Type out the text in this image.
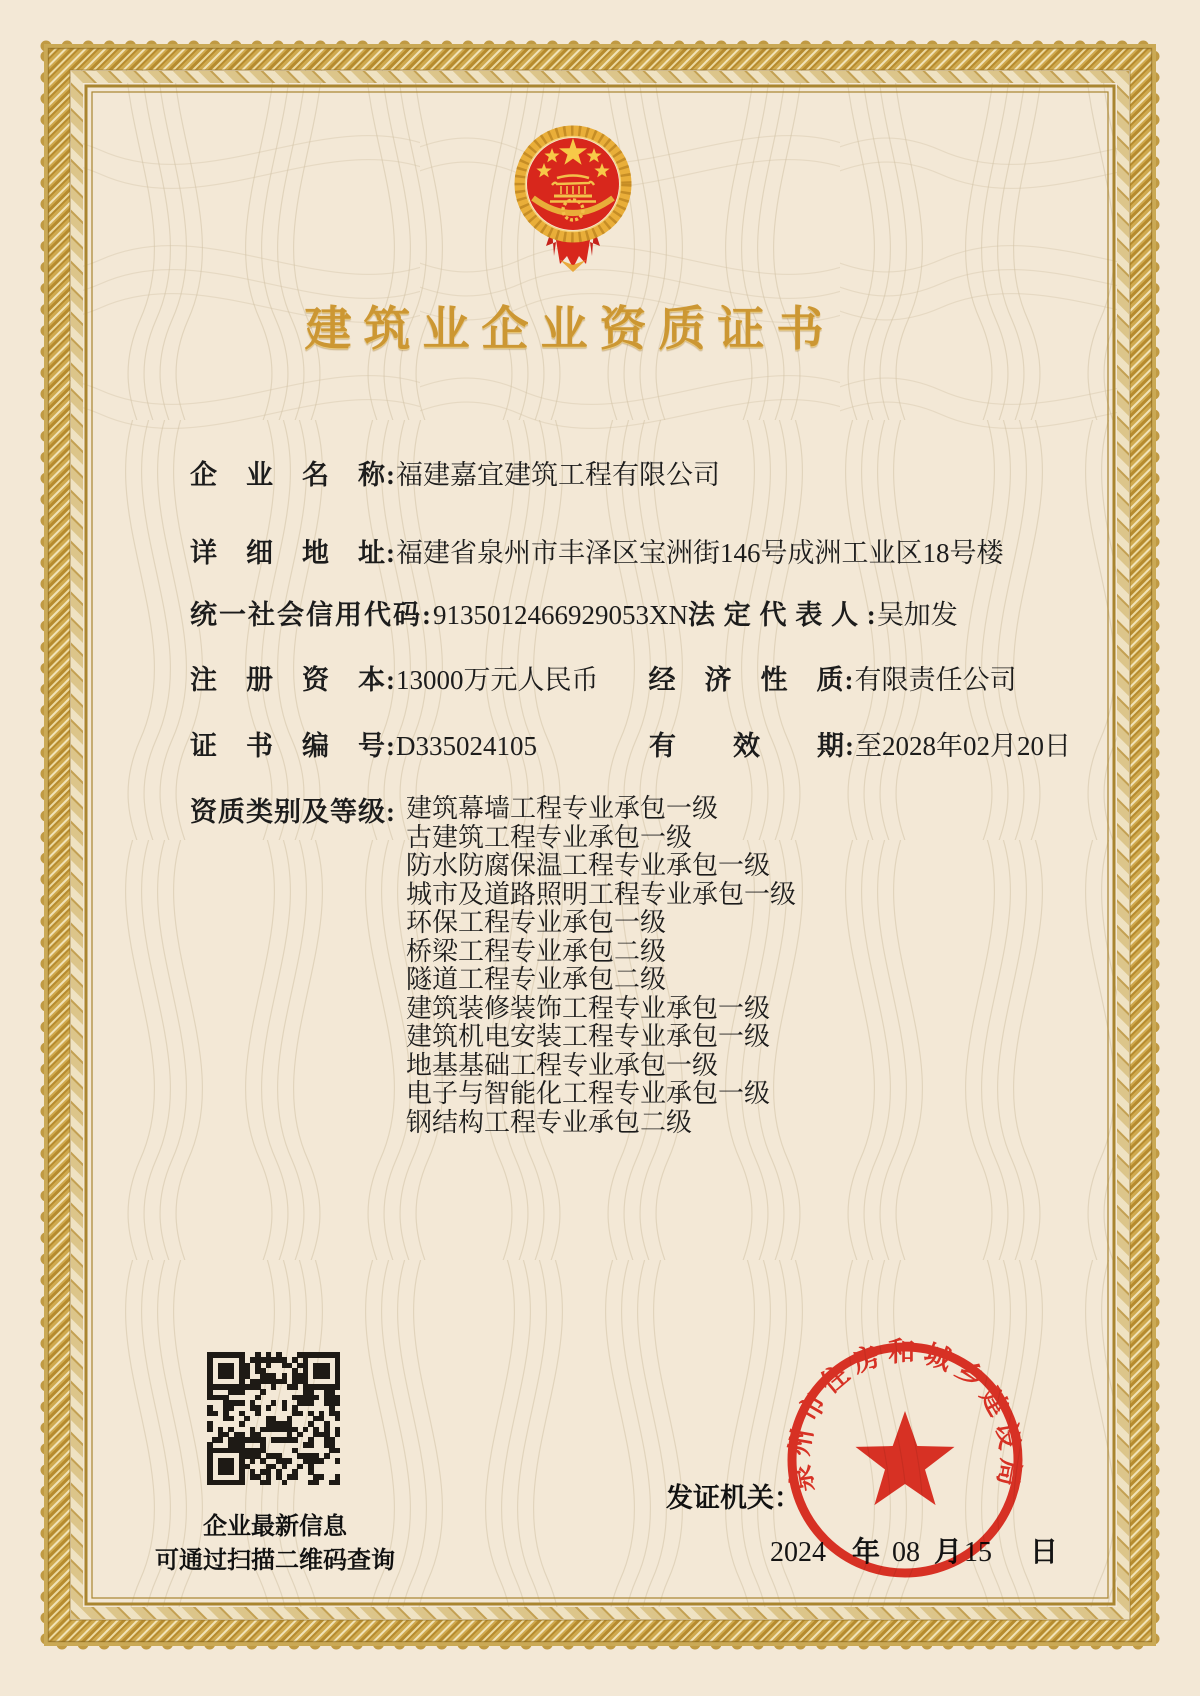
建筑业企业资质证书
企　业　名　称:福建嘉宜建筑工程有限公司
详　细　地　址:福建省泉州市丰泽区宝洲街146号成洲工业区18号楼
统一社会信用代码:9135012466929053XN法 定 代 表 人 :吴加发
注　册　资　本:13000万元人民币 经　济　性　质:有限责任公司
证　书　编　号:D335024105	有　　效　　期:至2028年02月20日
资质类别及等级: 建筑幕墙工程专业承包一级
古建筑工程专业承包一级
防水防腐保温工程专业承包一级
城市及道路照明工程专业承包一级
环保工程专业承包一级
桥梁工程专业承包二级
隧道工程专业承包二级
建筑装修装饰工程专业承包一级
建筑机电安装工程专业承包一级
地基基础工程专业承包一级
电子与智能化工程专业承包一级
钢结构工程专业承包二级
企业最新信息
可通过扫描二维码查询
发证机关：
2024 年 08 月15 日
泉州市住房和城乡建设局
